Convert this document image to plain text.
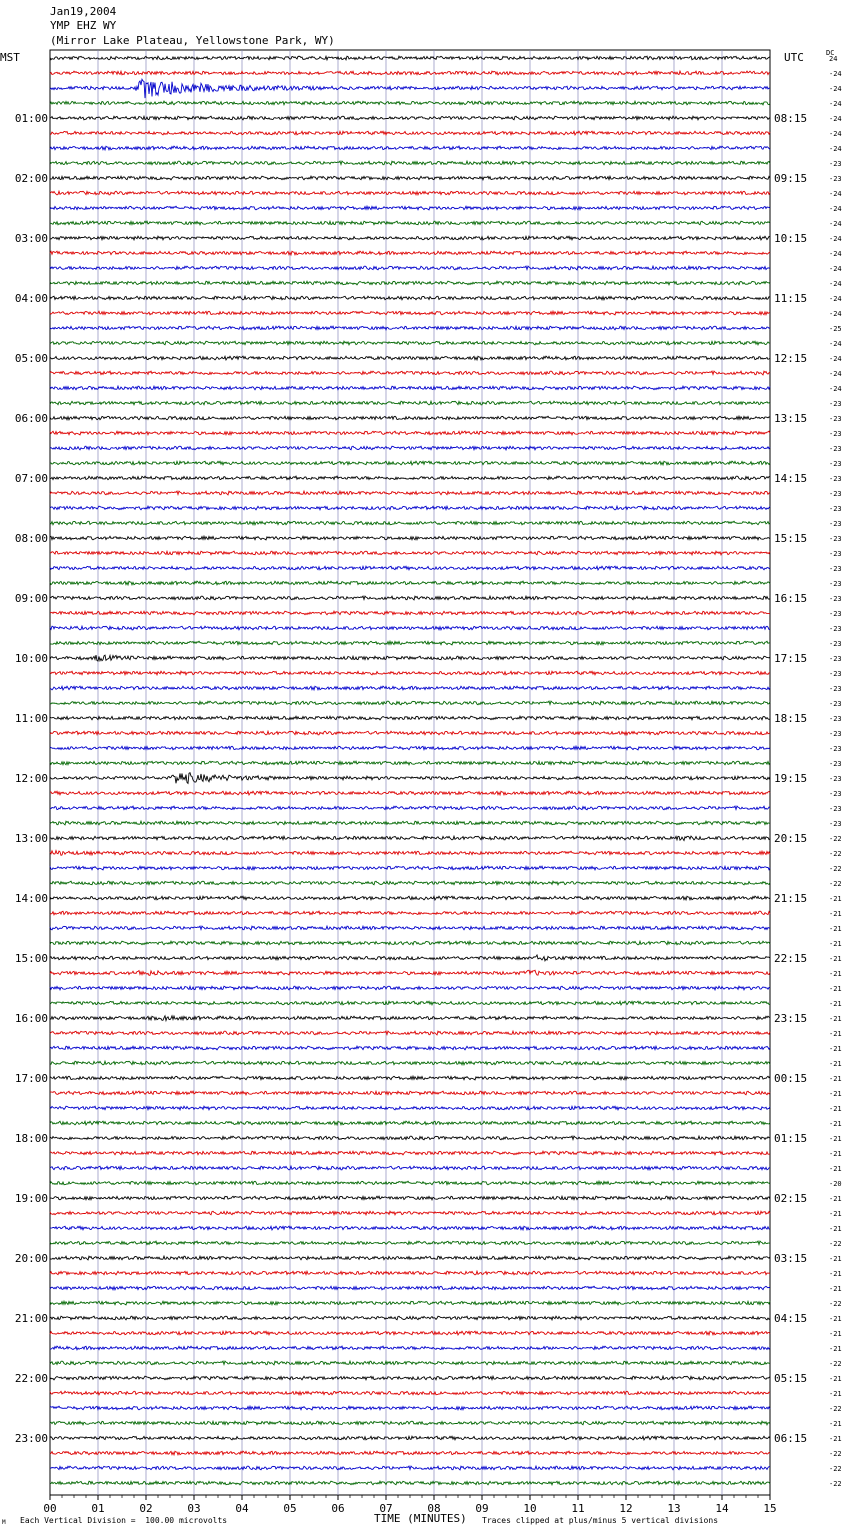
Jan19,2004
YMP EHZ WY
(Mirror Lake Plateau, Yellowstone Park, WY)
MST	UTC	DC
00	01	02	03	04	05	06	07	08	09	10	11	12	13	14	15
24
-24
-24
-24
-24
-24
-24
-23
-23
-24
-24
-24
-24
-24
-24
-24
-24
-24
-25
-24
-24
-24
-24
-23
-23
-23
-23
-23
-23
-23
-23
-23
-23
-23
-23
-23
-23
-23
-23
-23
-23
-23
-23
-23
-23
-23
-23
-23
-23
-23
-23
-23
-22
-22
-22
-22
-21
-21
-21
-21
-21
-21
-21
-21
-21
-21
-21
-21
-21
-21
-21
-21
-21
-21
-21
-20
-21
-21
-21
-22
-21
-21
-21
-22
-21
-21
-21
-22
-21
-21
-22
-21
-21
-22
-22
-22
01:00
02:00
03:00
04:00
05:00
06:00
07:00
08:00
09:00
10:00
11:00
12:00
13:00
14:00
15:00
16:00
17:00
18:00
19:00
20:00
21:00
22:00
23:00
08:15
09:15
10:15
11:15
12:15
13:15
14:15
15:15
16:15
17:15
18:15
19:15
20:15
21:15
22:15
23:15
00:15
01:15
02:15
03:15
04:15
05:15
06:15
M Each Vertical Division =  100.00 microvolts	TIME (MINUTES) Traces clipped at plus/minus 5 vertical divisions
